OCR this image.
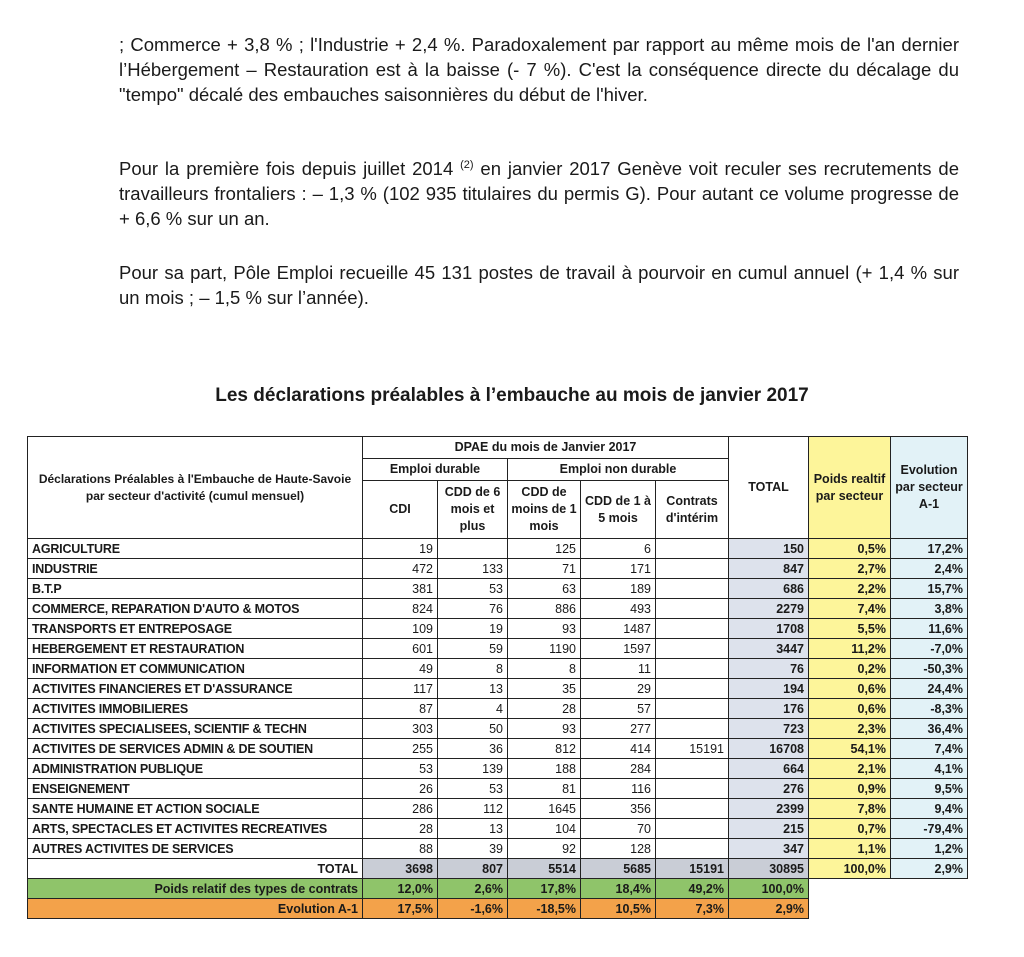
; Commerce + 3,8 % ; l'Industrie + 2,4 %. Paradoxalement par rapport au même mois de l'an dernier l’Hébergement – Restauration est à la baisse (- 7 %). C'est la conséquence directe du décalage du "tempo" décalé des embauches saisonnières du début de l'hiver.

Pour la première fois depuis juillet 2014 $^{(2)}$ en janvier 2017 Genève voit reculer ses recrutements de travailleurs frontaliers : – 1,3 % (102 935 titulaires du permis G). Pour autant ce volume progresse de + 6,6 % sur un an.

Pour sa part, Pôle Emploi recueille 45 131 postes de travail à pourvoir en cumul annuel (+ 1,4 % sur un mois ; – 1,5 % sur l’année).

Les déclarations préalables à l’embauche au mois de janvier 2017
Déclarations Préalables à l'Embauche de Haute-Savoie par secteur d'activité (cumul mensuel)	DPAE du mois de Janvier 2017					TOTAL	Poids realtif par secteur	Evolution par secteur A-1
	Emploi durable		Emploi non durable					
	CDI	CDD de 6 mois et plus	CDD de moins de 1 mois	CDD de 1 à 5 mois	Contrats d'intérim			
AGRICULTURE	19		125	6		150	0,5%	17,2%
INDUSTRIE	472	133	71	171		847	2,7%	2,4%
B.T.P	381	53	63	189		686	2,2%	15,7%
COMMERCE, REPARATION D'AUTO & MOTOS	824	76	886	493		2279	7,4%	3,8%
TRANSPORTS ET ENTREPOSAGE	109	19	93	1487		1708	5,5%	11,6%
HEBERGEMENT ET RESTAURATION	601	59	1190	1597		3447	11,2%	-7,0%
INFORMATION ET COMMUNICATION	49	8	8	11		76	0,2%	-50,3%
ACTIVITES FINANCIERES ET D'ASSURANCE	117	13	35	29		194	0,6%	24,4%
ACTIVITES IMMOBILIERES	87	4	28	57		176	0,6%	-8,3%
ACTIVITES SPECIALISEES, SCIENTIF & TECHN	303	50	93	277		723	2,3%	36,4%
ACTIVITES DE SERVICES ADMIN & DE SOUTIEN	255	36	812	414	15191	16708	54,1%	7,4%
ADMINISTRATION PUBLIQUE	53	139	188	284		664	2,1%	4,1%
ENSEIGNEMENT	26	53	81	116		276	0,9%	9,5%
SANTE HUMAINE ET ACTION SOCIALE	286	112	1645	356		2399	7,8%	9,4%
ARTS, SPECTACLES ET ACTIVITES RECREATIVES	28	13	104	70		215	0,7%	-79,4%
AUTRES ACTIVITES DE SERVICES	88	39	92	128		347	1,1%	1,2%
TOTAL	3698	807	5514	5685	15191	30895	100,0%	2,9%
Poids relatif des types de contrats	12,0%	2,6%	17,8%	18,4%	49,2%	100,0%		
Evolution A-1	17,5%	-1,6%	-18,5%	10,5%	7,3%	2,9%		
